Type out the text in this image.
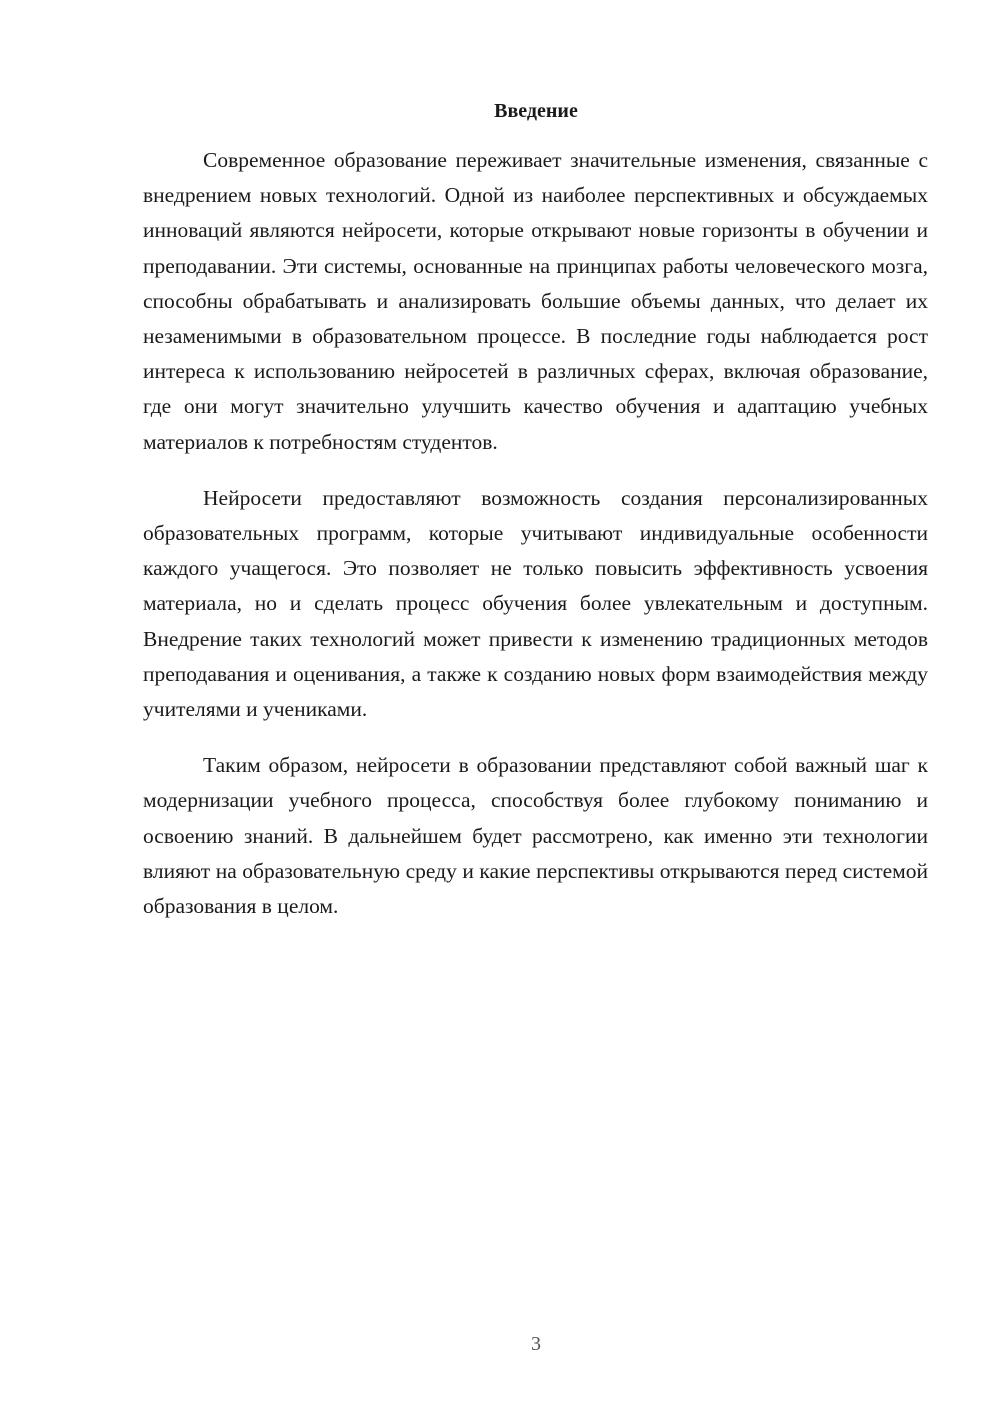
Введение

Современное образование переживает значительные изменения, связанные с внедрением новых технологий. Одной из наиболее перспективных и обсуждаемых инноваций являются нейросети, которые открывают новые горизонты в обучении и преподавании. Эти системы, основанные на принципах работы человеческого мозга, способны обрабатывать и анализировать большие объемы данных, что делает их незаменимыми в образовательном процессе. В последние годы наблюдается рост интереса к использованию нейросетей в различных сферах, включая образование, где они могут значительно улучшить качество обучения и адаптацию учебных материалов к потребностям студентов.

Нейросети предоставляют возможность создания персонализированных образовательных программ, которые учитывают индивидуальные особенности каждого учащегося. Это позволяет не только повысить эффективность усвоения материала, но и сделать процесс обучения более увлекательным и доступным. Внедрение таких технологий может привести к изменению традиционных методов преподавания и оценивания, а также к созданию новых форм взаимодействия между учителями и учениками.

Таким образом, нейросети в образовании представляют собой важный шаг к модернизации учебного процесса, способствуя более глубокому пониманию и освоению знаний. В дальнейшем будет рассмотрено, как именно эти технологии влияют на образовательную среду и какие перспективы открываются перед системой образования в целом.

3
